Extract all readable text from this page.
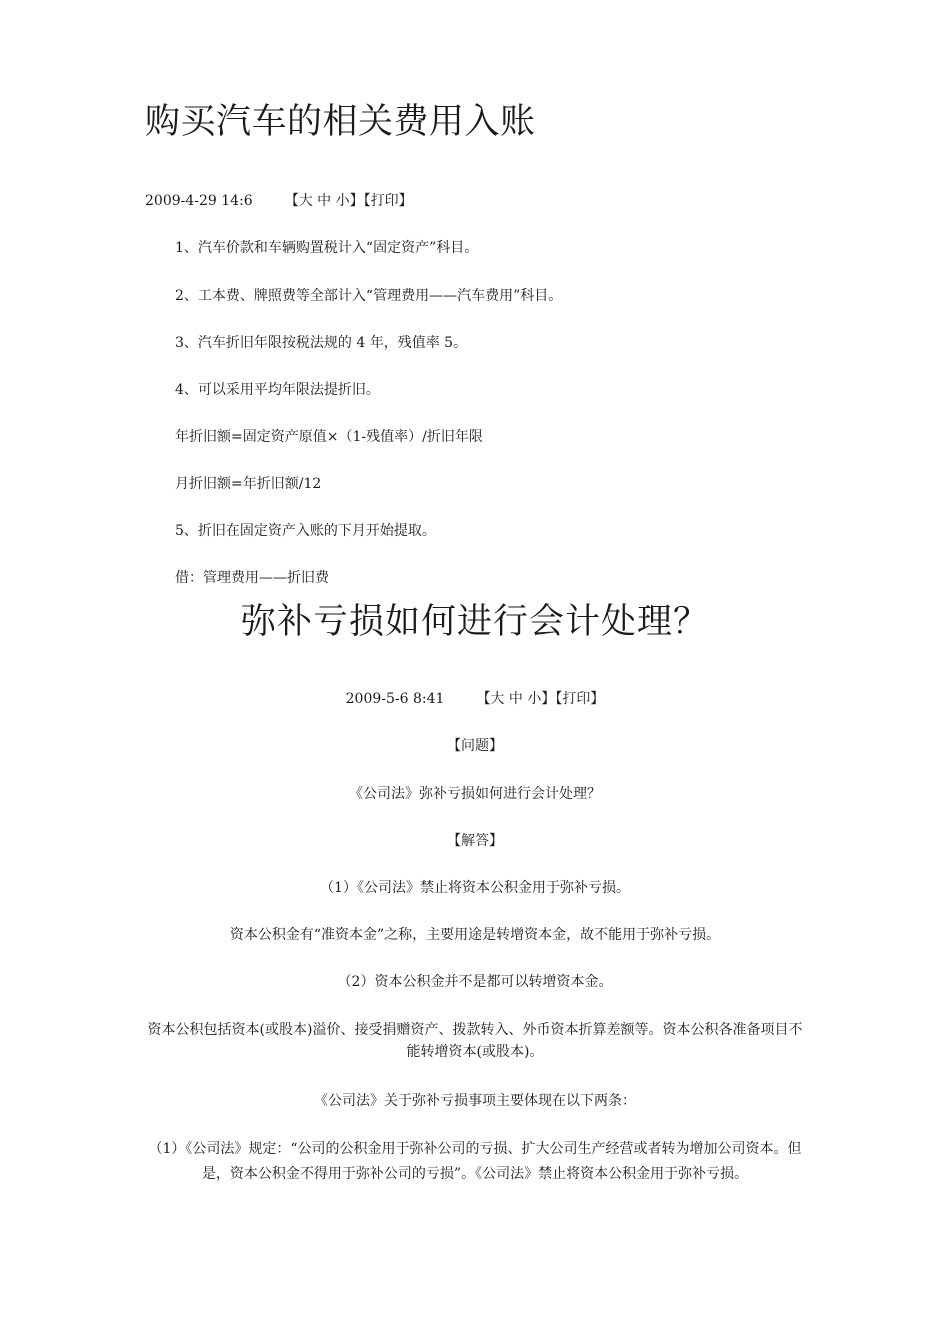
购买汽车的相关费用入账
2009-4-29 14:6 【大 中 小】【打印】
1、汽车价款和车辆购置税计入“固定资产”科目。
2、工本费、牌照费等全部计入“管理费用——汽车费用”科目。
3、汽车折旧年限按税法规的 4 年，残值率 5。
4、可以采用平均年限法提折旧。
年折旧额=固定资产原值×（1-残值率）/折旧年限
月折旧额=年折旧额/12
5、折旧在固定资产入账的下月开始提取。
借：管理费用——折旧费
弥补亏损如何进行会计处理？
2009-5-6 8:41 【大 中 小】【打印】
【问题】
《公司法》弥补亏损如何进行会计处理？
【解答】
（1）《公司法》禁止将资本公积金用于弥补亏损。
资本公积金有“准资本金”之称，主要用途是转增资本金，故不能用于弥补亏损。
（2）资本公积金并不是都可以转增资本金。
资本公积包括资本(或股本)溢价、接受捐赠资产、拨款转入、外币资本折算差额等。资本公积各准备项目不能转增资本(或股本)。
《公司法》关于弥补亏损事项主要体现在以下两条：
（1）《公司法》规定：“公司的公积金用于弥补公司的亏损、扩大公司生产经营或者转为增加公司资本。但是，资本公积金不得用于弥补公司的亏损”。《公司法》禁止将资本公积金用于弥补亏损。
